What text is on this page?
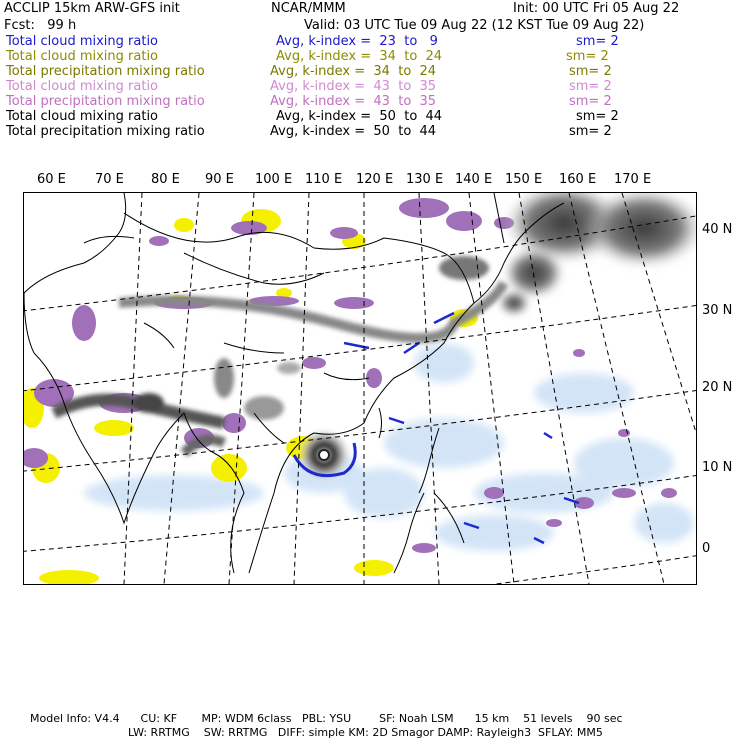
ACCLIP 15km ARW-GFS init	NCAR/MMM	Init: 00 UTC Fri 05 Aug 22
Fcst:   99 h	Valid: 03 UTC Tue 09 Aug 22 (12 KST Tue 09 Aug 22)
Total cloud mixing ratio	Avg, k-index =  23  to   9	sm= 2
Total cloud mixing ratio	Avg, k-index =  34  to  24	sm= 2
Total precipitation mixing ratio	Avg, k-index =  34  to  24	sm= 2
Total cloud mixing ratio	Avg, k-index =  43  to  35	sm= 2
Total precipitation mixing ratio	Avg, k-index =  43  to  35	sm= 2
Total cloud mixing ratio	Avg, k-index =  50  to  44	sm= 2
Total precipitation mixing ratio	Avg, k-index =  50  to  44	sm= 2
60 E 70 E 80 E 90 E 100 E 110 E 120 E 130 E 140 E 150 E 160 E 170 E
40 N
30 N
20 N
10 N
0
Model Info: V4.4      CU: KF       MP: WDM 6class   PBL: YSU        SF: Noah LSM      15 km    51 levels    90 sec
LW: RRTMG    SW: RRTMG   DIFF: simple KM: 2D Smagor DAMP: Rayleigh3  SFLAY: MM5
